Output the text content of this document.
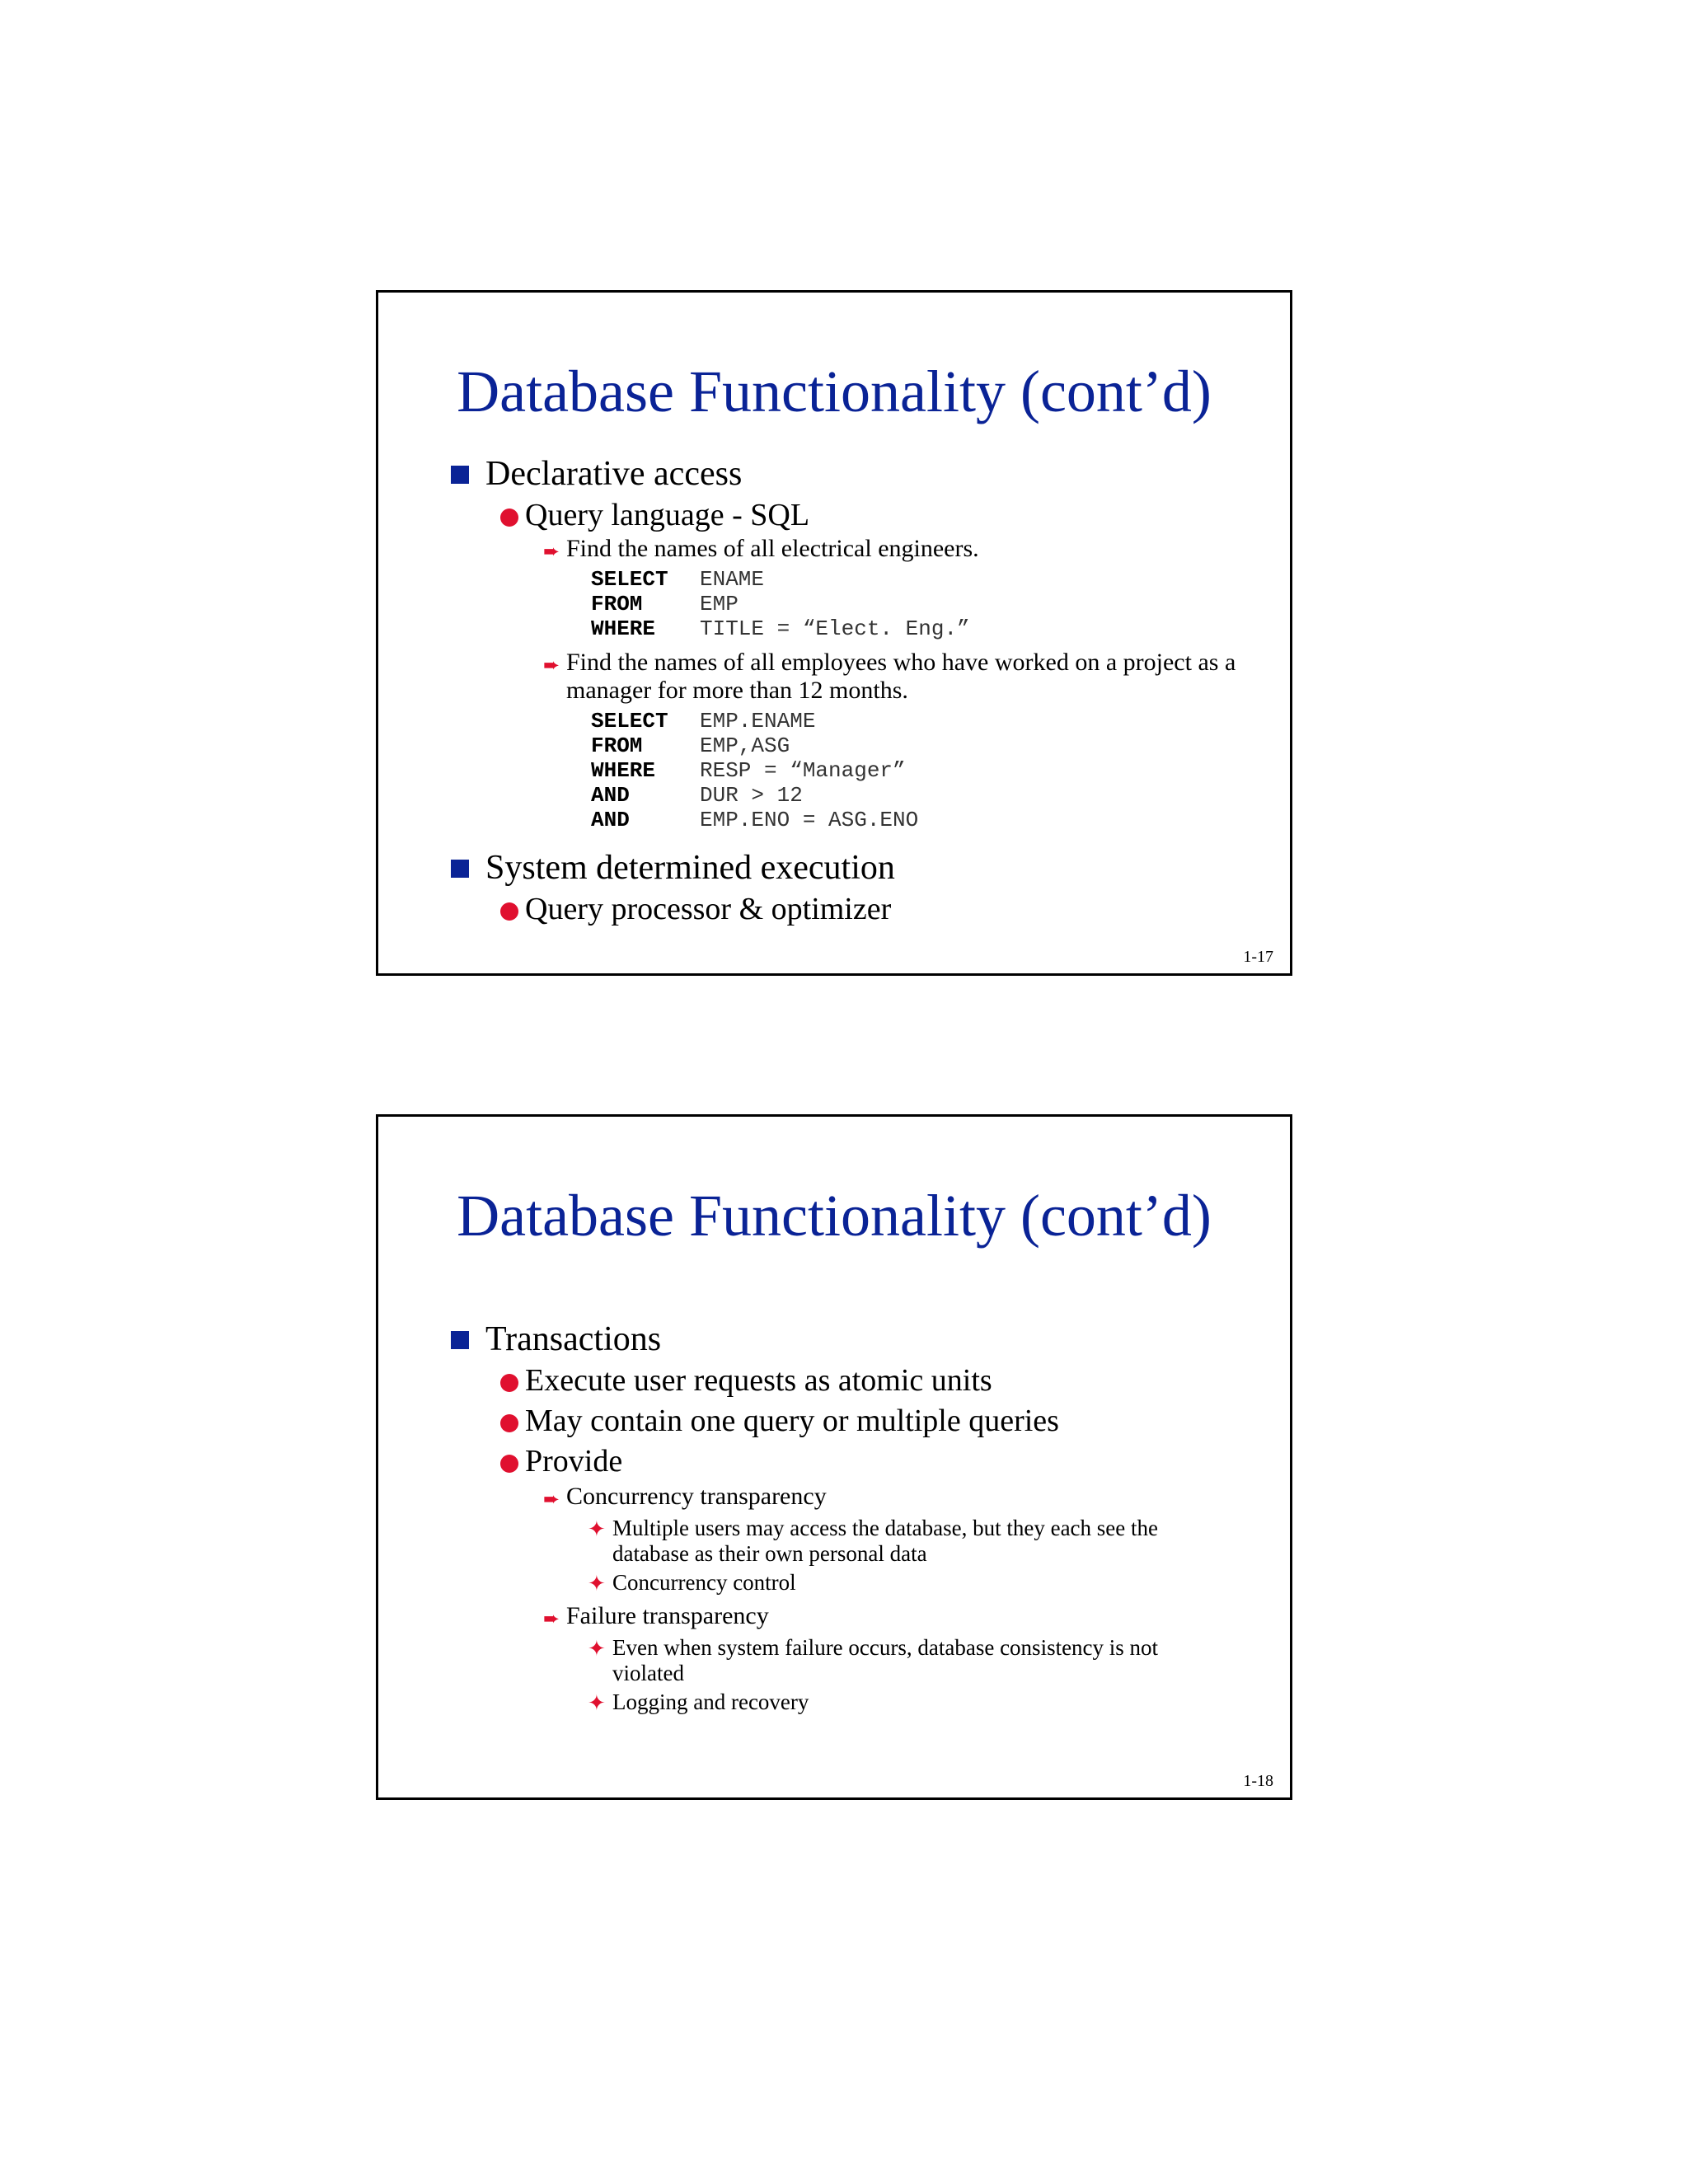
Database Functionality (cont’d)
Declarative access
Query language - SQL
➨ Find the names of all electrical engineers.
SELECT	ENAME
FROM	EMP
WHERE	TITLE = “Elect. Eng.”
➨ Find the names of all employees who have worked on a project as a manager for more than 12 months.
SELECT	EMP.ENAME
FROM	EMP,ASG
WHERE	RESP = “Manager”
AND	DUR > 12
AND	EMP.ENO = ASG.ENO
System determined execution
Query processor & optimizer
1-17
Database Functionality (cont’d)
Transactions
Execute user requests as atomic units
May contain one query or multiple queries
Provide
➨ Concurrency transparency
✦ Multiple users may access the database, but they each see the database as their own personal data
✦ Concurrency control
➨ Failure transparency
✦ Even when system failure occurs, database consistency is not violated
✦ Logging and recovery
1-18
